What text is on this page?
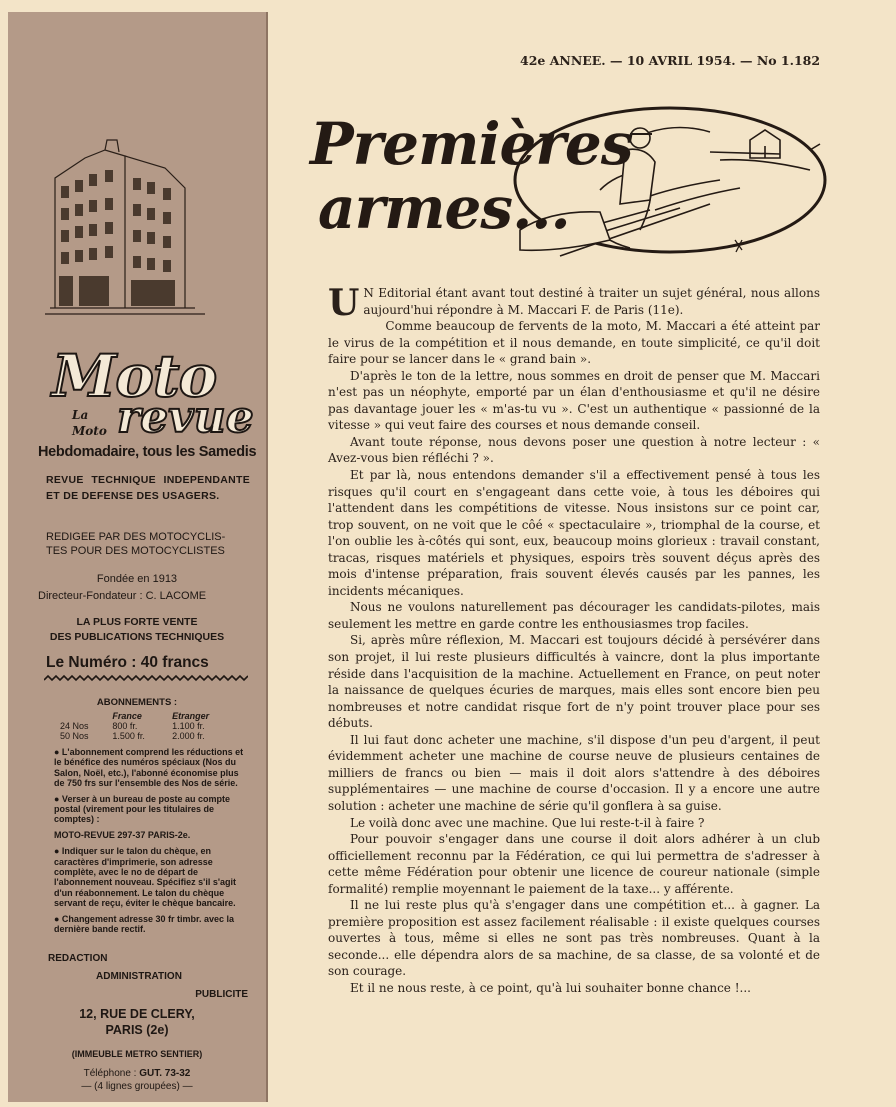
Moto
La
Moto revue
Hebdomadaire, tous les Samedis
REVUE TECHNIQUE INDEPENDANTE ET DE DEFENSE DES USAGERS.
REDIGEE PAR DES MOTOCYCLIS-
TES POUR DES MOTOCYCLISTES
Fondée en 1913
Directeur-Fondateur : C. LACOME
LA PLUS FORTE VENTE
DES PUBLICATIONS TECHNIQUES
Le Numéro : 40 francs
ABONNEMENTS :
	France	Etranger
24 Nos	800 fr.	1.100 fr.
50 Nos	1.500 fr.	2.000 fr.

● L'abonnement comprend les réductions et le bénéfice des numéros spéciaux (Nos du Salon, Noël, etc.), l'abonné économise plus de 750 frs sur l'ensemble des Nos de série.

● Verser à un bureau de poste au compte postal (virement pour les titulaires de comptes) :

MOTO-REVUE 297-37 PARIS-2e.

● Indiquer sur le talon du chèque, en caractères d'imprimerie, son adresse complète, avec le no de départ de l'abonnement nouveau. Spécifiez s'il s'agit d'un réabonnement. Le talon du chèque servant de reçu, éviter le chèque bancaire.

● Changement adresse 30 fr timbr. avec la dernière bande rectif.

REDACTION
ADMINISTRATION
PUBLICITE
12, RUE DE CLERY,
PARIS (2e)
(IMMEUBLE METRO SENTIER)
Téléphone : GUT. 73-32
— (4 lignes groupées) —
42e ANNEE. — 10 AVRIL 1954. — No 1.182
Premières
armes...

U N Editorial étant avant tout destiné à traiter un sujet général, nous allons aujourd'hui répondre à M. Maccari F. de Paris (11e).

Comme beaucoup de fervents de la moto, M. Maccari a été atteint par le virus de la compétition et il nous demande, en toute simplicité, ce qu'il doit faire pour se lancer dans le « grand bain ».

D'après le ton de la lettre, nous sommes en droit de penser que M. Maccari n'est pas un néophyte, emporté par un élan d'enthousiasme et qu'il ne désire pas davantage jouer les « m'as-tu vu ». C'est un authentique « passionné de la vitesse » qui veut faire des courses et nous demande conseil.

Avant toute réponse, nous devons poser une question à notre lecteur : « Avez-vous bien réfléchi ? ».

Et par là, nous entendons demander s'il a effectivement pensé à tous les risques qu'il court en s'engageant dans cette voie, à tous les déboires qui l'attendent dans les compétitions de vitesse. Nous insistons sur ce point car, trop souvent, on ne voit que le côé « spectaculaire », triomphal de la course, et l'on oublie les à-côtés qui sont, eux, beaucoup moins glorieux : travail constant, tracas, risques matériels et physiques, espoirs très souvent déçus après des mois d'intense préparation, frais souvent élevés causés par les pannes, les incidents mécaniques.

Nous ne voulons naturellement pas décourager les candidats-pilotes, mais seulement les mettre en garde contre les enthousiasmes trop faciles.

Si, après mûre réflexion, M. Maccari est toujours décidé à persévérer dans son projet, il lui reste plusieurs difficultés à vaincre, dont la plus importante réside dans l'acquisition de la machine. Actuellement en France, on peut noter la naissance de quelques écuries de marques, mais elles sont encore bien peu nombreuses et notre candidat risque fort de n'y point trouver place pour ses débuts.

Il lui faut donc acheter une machine, s'il dispose d'un peu d'argent, il peut évidemment acheter une machine de course neuve de plusieurs centaines de milliers de francs ou bien — mais il doit alors s'attendre à des déboires supplémentaires — une machine de course d'occasion. Il y a encore une autre solution : acheter une machine de série qu'il gonflera à sa guise.

Le voilà donc avec une machine. Que lui reste-t-il à faire ?

Pour pouvoir s'engager dans une course il doit alors adhérer à un club officiellement reconnu par la Fédération, ce qui lui permettra de s'adresser à cette même Fédération pour obtenir une licence de coureur nationale (simple formalité) remplie moyennant le paiement de la taxe... y afférente.

Il ne lui reste plus qu'à s'engager dans une compétition et... à gagner. La première proposition est assez facilement réalisable : il existe quelques courses ouvertes à tous, même si elles ne sont pas très nombreuses. Quant à la seconde... elle dépendra alors de sa machine, de sa classe, de sa volonté et de son courage.

Et il ne nous reste, à ce point, qu'à lui souhaiter bonne chance !...
